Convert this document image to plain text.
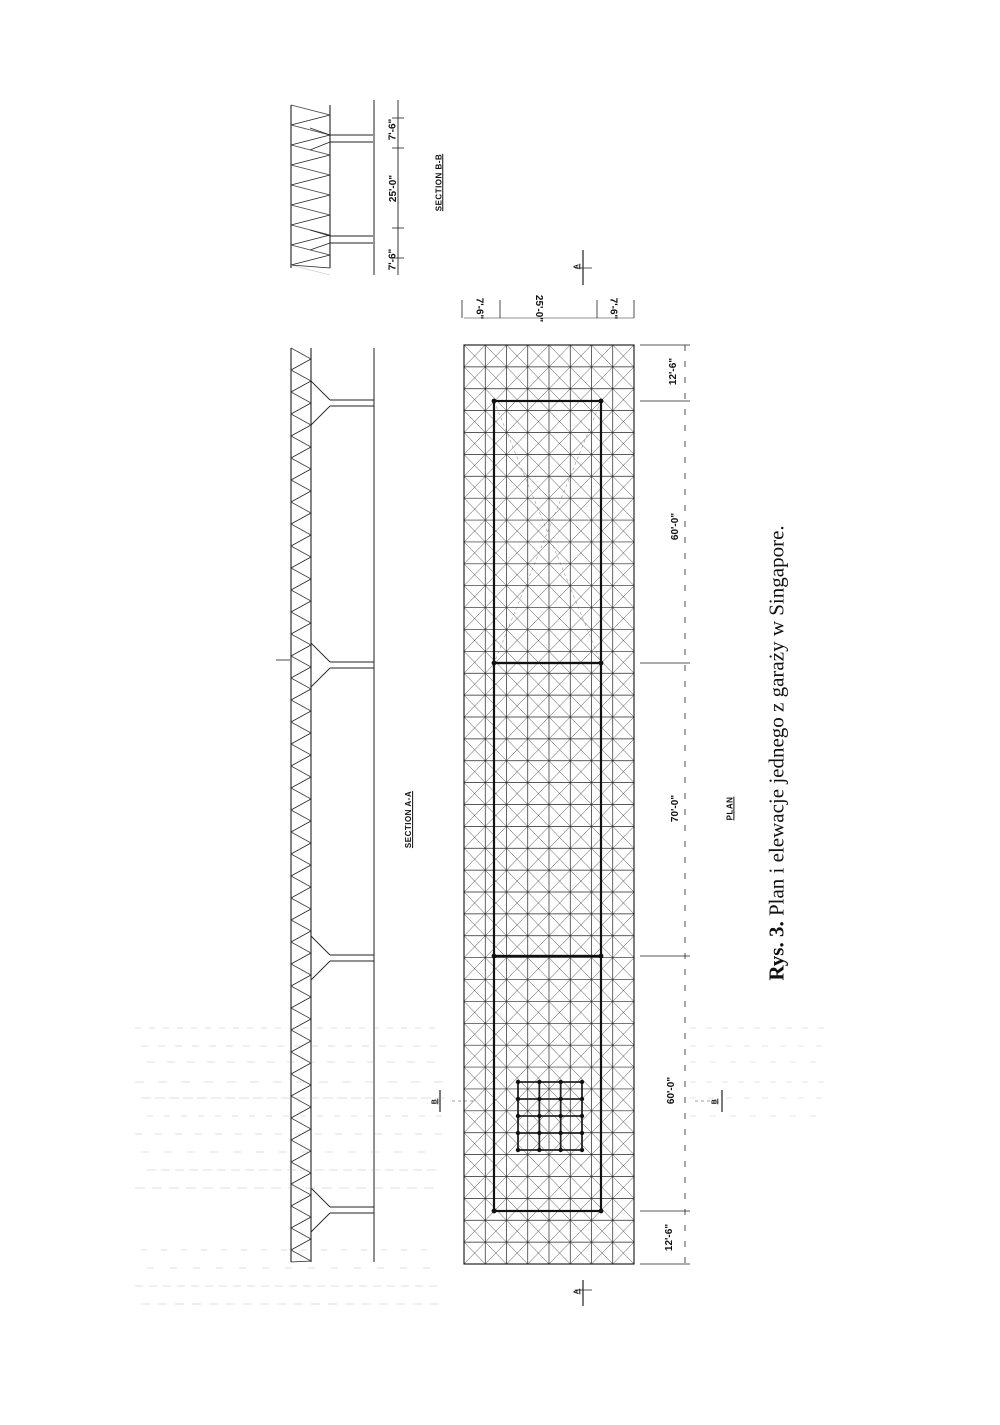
7'-6"
25'-0"
7'-6"
SECTION B-B
SECTION A-A
7'-6"	25'-0"	7'-6"
12'-6"
60'-0"
70'-0"
60'-0"
12'-6"
PLAN
A
A
B	B
Rys. 3. Plan i elewacje jednego z garaży w Singapore.
